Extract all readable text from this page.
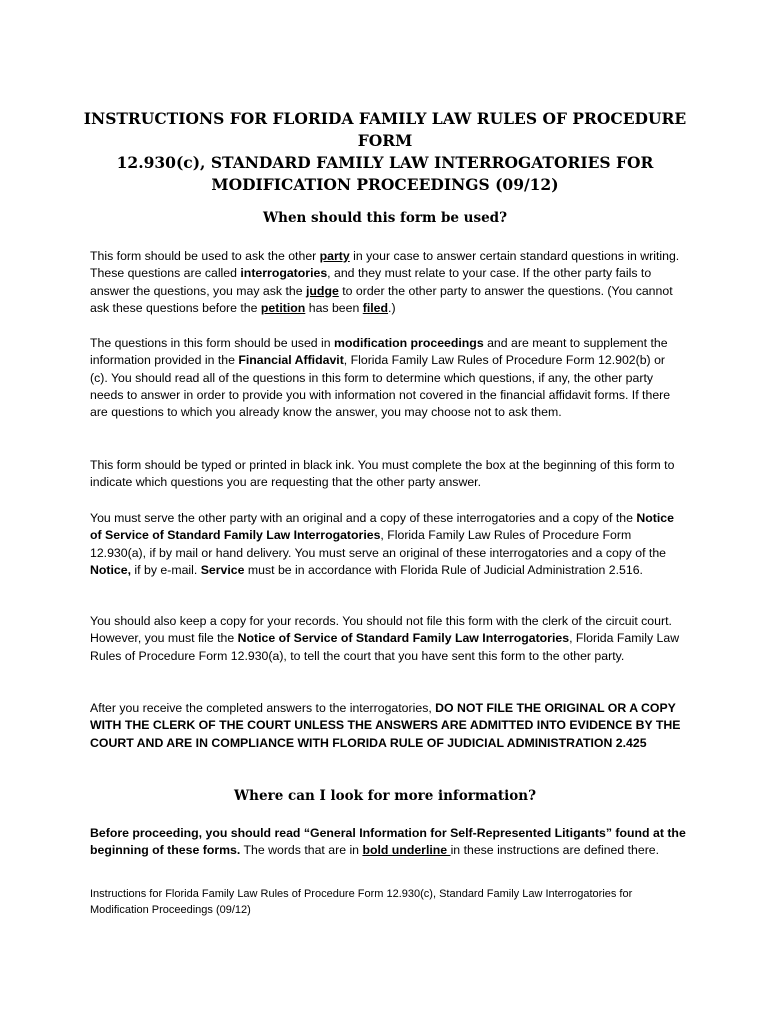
INSTRUCTIONS FOR FLORIDA FAMILY LAW RULES OF PROCEDURE FORM
12.930(c), STANDARD FAMILY LAW INTERROGATORIES FOR
MODIFICATION PROCEEDINGS (09/12)
When should this form be used?

This form should be used to ask the other party in your case to answer certain standard questions in writing. These questions are called interrogatories, and they must relate to your case. If the other party fails to answer the questions, you may ask the judge to order the other party to answer the questions. (You cannot ask these questions before the petition has been filed.)

The questions in this form should be used in modification proceedings and are meant to supplement the information provided in the Financial Affidavit, Florida Family Law Rules of Procedure Form 12.902(b) or (c). You should read all of the questions in this form to determine which questions, if any, the other party needs to answer in order to provide you with information not covered in the financial affidavit forms. If there are questions to which you already know the answer, you may choose not to ask them.

This form should be typed or printed in black ink. You must complete the box at the beginning of this form to indicate which questions you are requesting that the other party answer.

You must serve the other party with an original and a copy of these interrogatories and a copy of the Notice of Service of Standard Family Law Interrogatories, Florida Family Law Rules of Procedure Form 12.930(a), if by mail or hand delivery. You must serve an original of these interrogatories and a copy of the Notice, if by e-mail. Service must be in accordance with Florida Rule of Judicial Administration 2.516.

You should also keep a copy for your records. You should not file this form with the clerk of the circuit court. However, you must file the Notice of Service of Standard Family Law Interrogatories, Florida Family Law Rules of Procedure Form 12.930(a), to tell the court that you have sent this form to the other party.

After you receive the completed answers to the interrogatories, DO NOT FILE THE ORIGINAL OR A COPY WITH THE CLERK OF THE COURT UNLESS THE ANSWERS ARE ADMITTED INTO EVIDENCE BY THE COURT AND ARE IN COMPLIANCE WITH FLORIDA RULE OF JUDICIAL ADMINISTRATION 2.425

Where can I look for more information?

Before proceeding, you should read “General Information for Self-Represented Litigants” found at the beginning of these forms. The words that are in bold underline in these instructions are defined there.

Instructions for Florida Family Law Rules of Procedure Form 12.930(c), Standard Family Law Interrogatories for
Modification Proceedings (09/12)
